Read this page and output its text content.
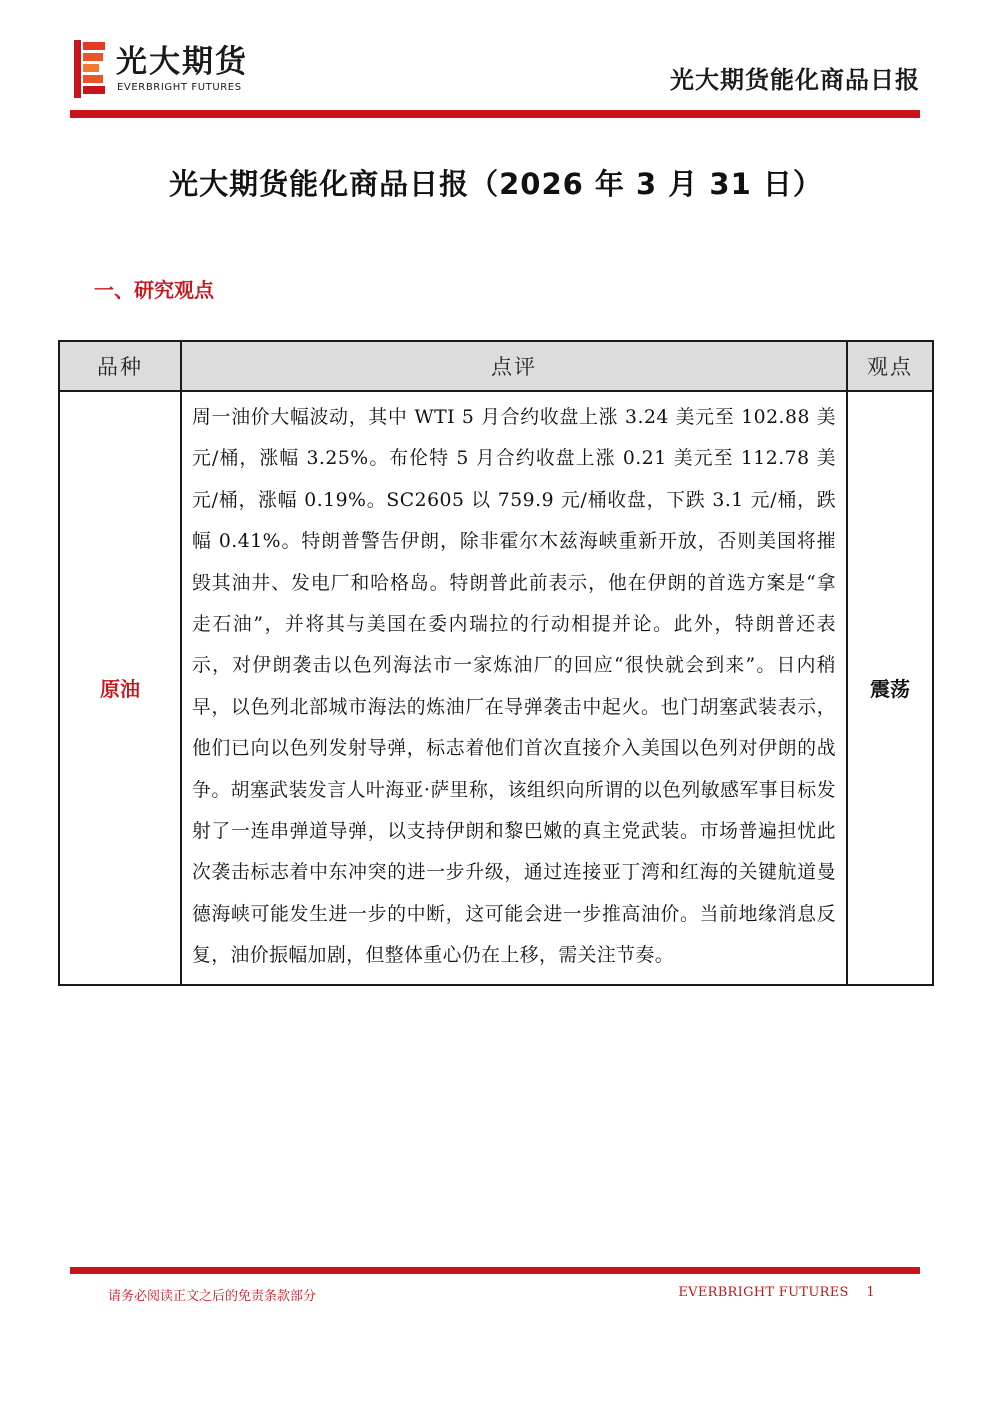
光大期货
EVERBRIGHT FUTURES	光大期货能化商品日报
光大期货能化商品日报（2026 年 3 月 31 日）
一、研究观点
品种	点评	观点
原油	周一油价大幅波动，其中 WTI 5 月合约收盘上涨 3.24 美元至 102.88 美元/桶，涨幅 3.25%。布伦特 5 月合约收盘上涨 0.21 美元至 112.78 美元/桶，涨幅 0.19%。SC2605 以 759.9 元/桶收盘，下跌 3.1 元/桶，跌幅 0.41%。特朗普警告伊朗，除非霍尔木兹海峡重新开放，否则美国将摧毁其油井、发电厂和哈格岛。特朗普此前表示，他在伊朗的首选方案是“拿走石油”，并将其与美国在委内瑞拉的行动相提并论。此外，特朗普还表示，对伊朗袭击以色列海法市一家炼油厂的回应“很快就会到来”。日内稍早，以色列北部城市海法的炼油厂在导弹袭击中起火。也门胡塞武装表示，他们已向以色列发射导弹，标志着他们首次直接介入美国以色列对伊朗的战争。胡塞武装发言人叶海亚·萨里称，该组织向所谓的以色列敏感军事目标发射了一连串弹道导弹，以支持伊朗和黎巴嫩的真主党武装。市场普遍担忧此次袭击标志着中东冲突的进一步升级，通过连接亚丁湾和红海的关键航道曼德海峡可能发生进一步的中断，这可能会进一步推高油价。当前地缘消息反复，油价振幅加剧，但整体重心仍在上移，需关注节奏。	震荡
请务必阅读正文之后的免责条款部分	EVERBRIGHT FUTURES 1
